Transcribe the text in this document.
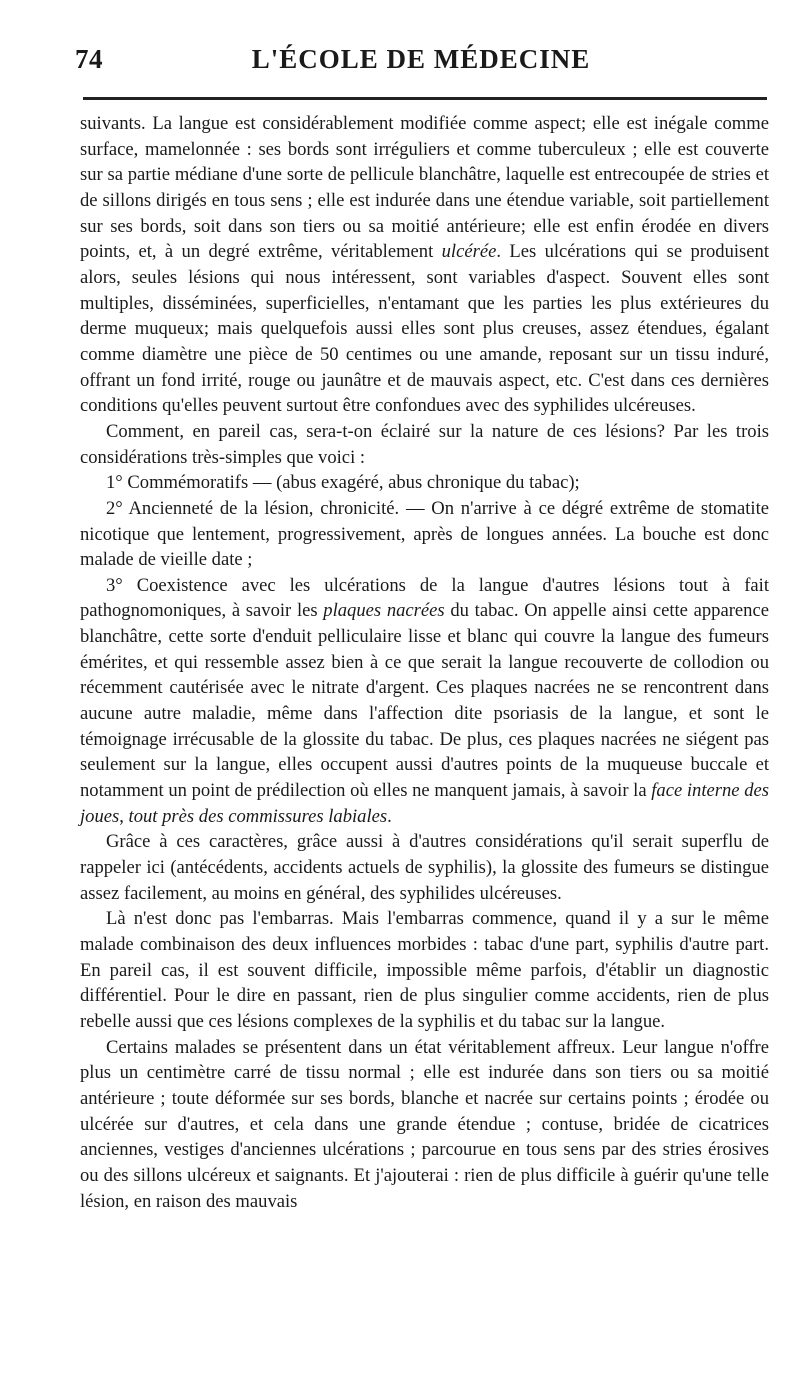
74	L'ÉCOLE DE MÉDECINE

suivants. La langue est considérablement modifiée comme aspect; elle est inégale comme surface, mamelonnée : ses bords sont irréguliers et comme tuberculeux ; elle est couverte sur sa partie médiane d'une sorte de pellicule blanchâtre, laquelle est entrecoupée de stries et de sillons dirigés en tous sens ; elle est indurée dans une étendue variable, soit partiellement sur ses bords, soit dans son tiers ou sa moitié antérieure; elle est enfin érodée en divers points, et, à un degré extrême, véritablement ulcérée. Les ulcérations qui se produisent alors, seules lésions qui nous intéressent, sont variables d'aspect. Souvent elles sont multiples, disséminées, superficielles, n'entamant que les parties les plus extérieures du derme muqueux; mais quelquefois aussi elles sont plus creuses, assez étendues, égalant comme diamètre une pièce de 50 centimes ou une amande, reposant sur un tissu induré, offrant un fond irrité, rouge ou jaunâtre et de mauvais aspect, etc. C'est dans ces dernières conditions qu'elles peuvent surtout être confondues avec des syphilides ulcéreuses.

Comment, en pareil cas, sera-t-on éclairé sur la nature de ces lésions? Par les trois considérations très-simples que voici :

1° Commémoratifs — (abus exagéré, abus chronique du tabac);

2° Ancienneté de la lésion, chronicité. — On n'arrive à ce dégré extrême de stomatite nicotique que lentement, progressivement, après de longues années. La bouche est donc malade de vieille date ;

3° Coexistence avec les ulcérations de la langue d'autres lésions tout à fait pathognomoniques, à savoir les plaques nacrées du tabac. On appelle ainsi cette apparence blanchâtre, cette sorte d'enduit pelliculaire lisse et blanc qui couvre la langue des fumeurs émérites, et qui ressemble assez bien à ce que serait la langue recouverte de collodion ou récemment cautérisée avec le nitrate d'argent. Ces plaques nacrées ne se rencontrent dans aucune autre maladie, même dans l'affection dite psoriasis de la langue, et sont le témoignage irrécusable de la glossite du tabac. De plus, ces plaques nacrées ne siégent pas seulement sur la langue, elles occupent aussi d'autres points de la muqueuse buccale et notamment un point de prédilection où elles ne manquent jamais, à savoir la face interne des joues, tout près des commissures labiales.

Grâce à ces caractères, grâce aussi à d'autres considérations qu'il serait superflu de rappeler ici (antécédents, accidents actuels de syphilis), la glossite des fumeurs se distingue assez facilement, au moins en général, des syphilides ulcéreuses.

Là n'est donc pas l'embarras. Mais l'embarras commence, quand il y a sur le même malade combinaison des deux influences morbides : tabac d'une part, syphilis d'autre part. En pareil cas, il est souvent difficile, impossible même parfois, d'établir un diagnostic différentiel. Pour le dire en passant, rien de plus singulier comme accidents, rien de plus rebelle aussi que ces lésions complexes de la syphilis et du tabac sur la langue.

Certains malades se présentent dans un état véritablement affreux. Leur langue n'offre plus un centimètre carré de tissu normal ; elle est indurée dans son tiers ou sa moitié antérieure ; toute déformée sur ses bords, blanche et nacrée sur certains points ; érodée ou ulcérée sur d'autres, et cela dans une grande étendue ; contuse, bridée de cicatrices anciennes, vestiges d'anciennes ulcérations ; parcourue en tous sens par des stries érosives ou des sillons ulcéreux et saignants. Et j'ajouterai : rien de plus difficile à guérir qu'une telle lésion, en raison des mauvais
